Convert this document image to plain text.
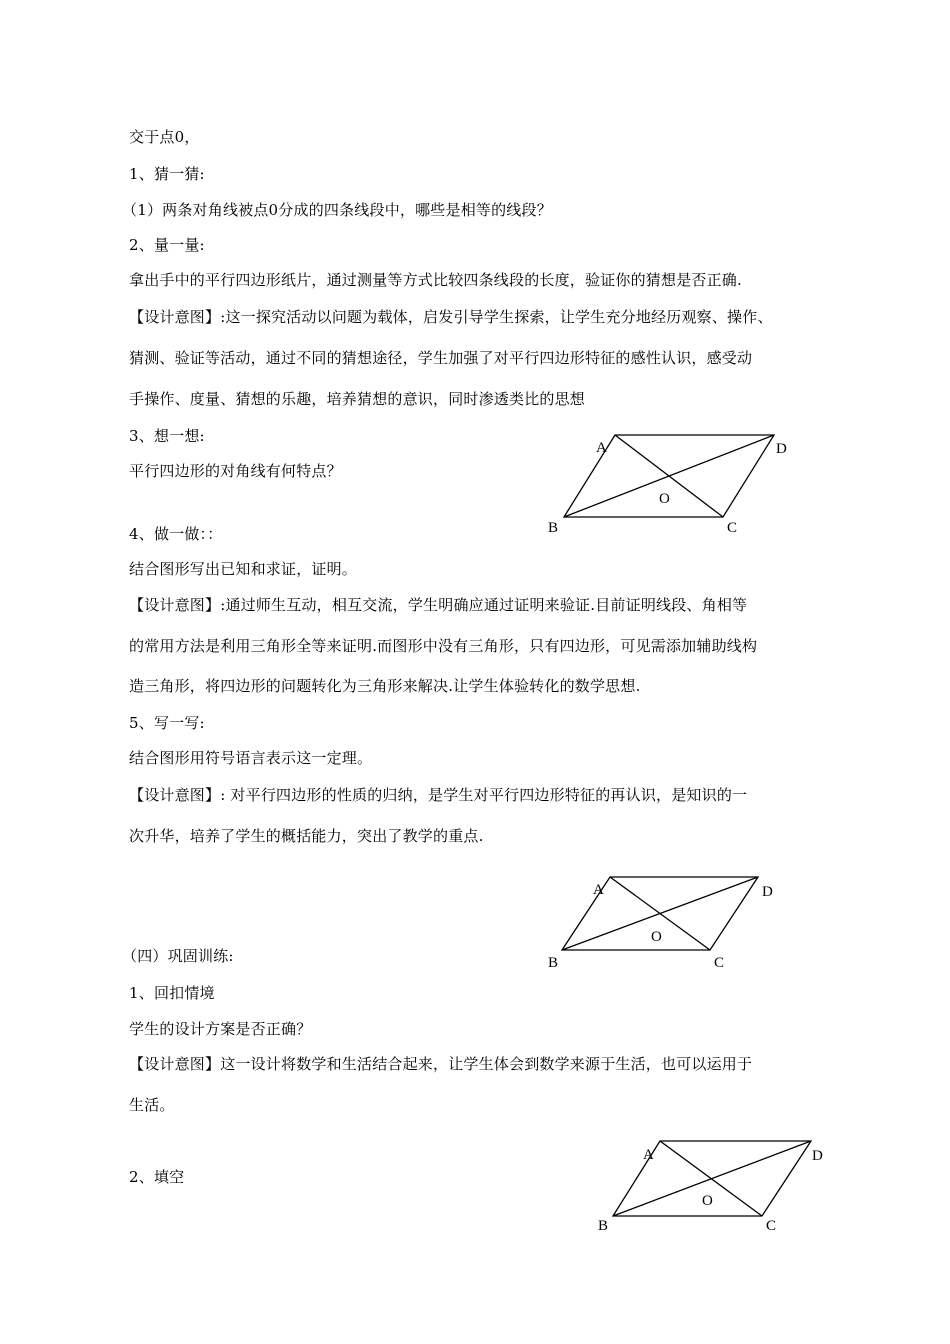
交于点0，
1、猜一猜:
（1）两条对角线被点0分成的四条线段中，哪些是相等的线段？
2、量一量:
拿出手中的平行四边形纸片，通过测量等方式比较四条线段的长度，验证你的猜想是否正确.
【设计意图】:这一探究活动以问题为载体，启发引导学生探索，让学生充分地经历观察、操作、
猜测、验证等活动，通过不同的猜想途径，学生加强了对平行四边形特征的感性认识，感受动
手操作、度量、猜想的乐趣，培养猜想的意识，同时渗透类比的思想
3、想一想:
平行四边形的对角线有何特点？
4、做一做：：
结合图形写出已知和求证，证明。
【设计意图】:通过师生互动，相互交流，学生明确应通过证明来验证.目前证明线段、角相等
的常用方法是利用三角形全等来证明.而图形中没有三角形，只有四边形，可见需添加辅助线构
造三角形，将四边形的问题转化为三角形来解决.让学生体验转化的数学思想.
5、写一写:
结合图形用符号语言表示这一定理。
【设计意图】: 对平行四边形的性质的归纳，是学生对平行四边形特征的再认识，是知识的一
次升华，培养了学生的概括能力，突出了教学的重点.
（四）巩固训练:
1、回扣情境
学生的设计方案是否正确？
【设计意图】这一设计将数学和生活结合起来，让学生体会到数学来源于生活，也可以运用于
生活。
2、填空
A	D
O
B	C
A	D
O
B	C
A	D
O
B	C
